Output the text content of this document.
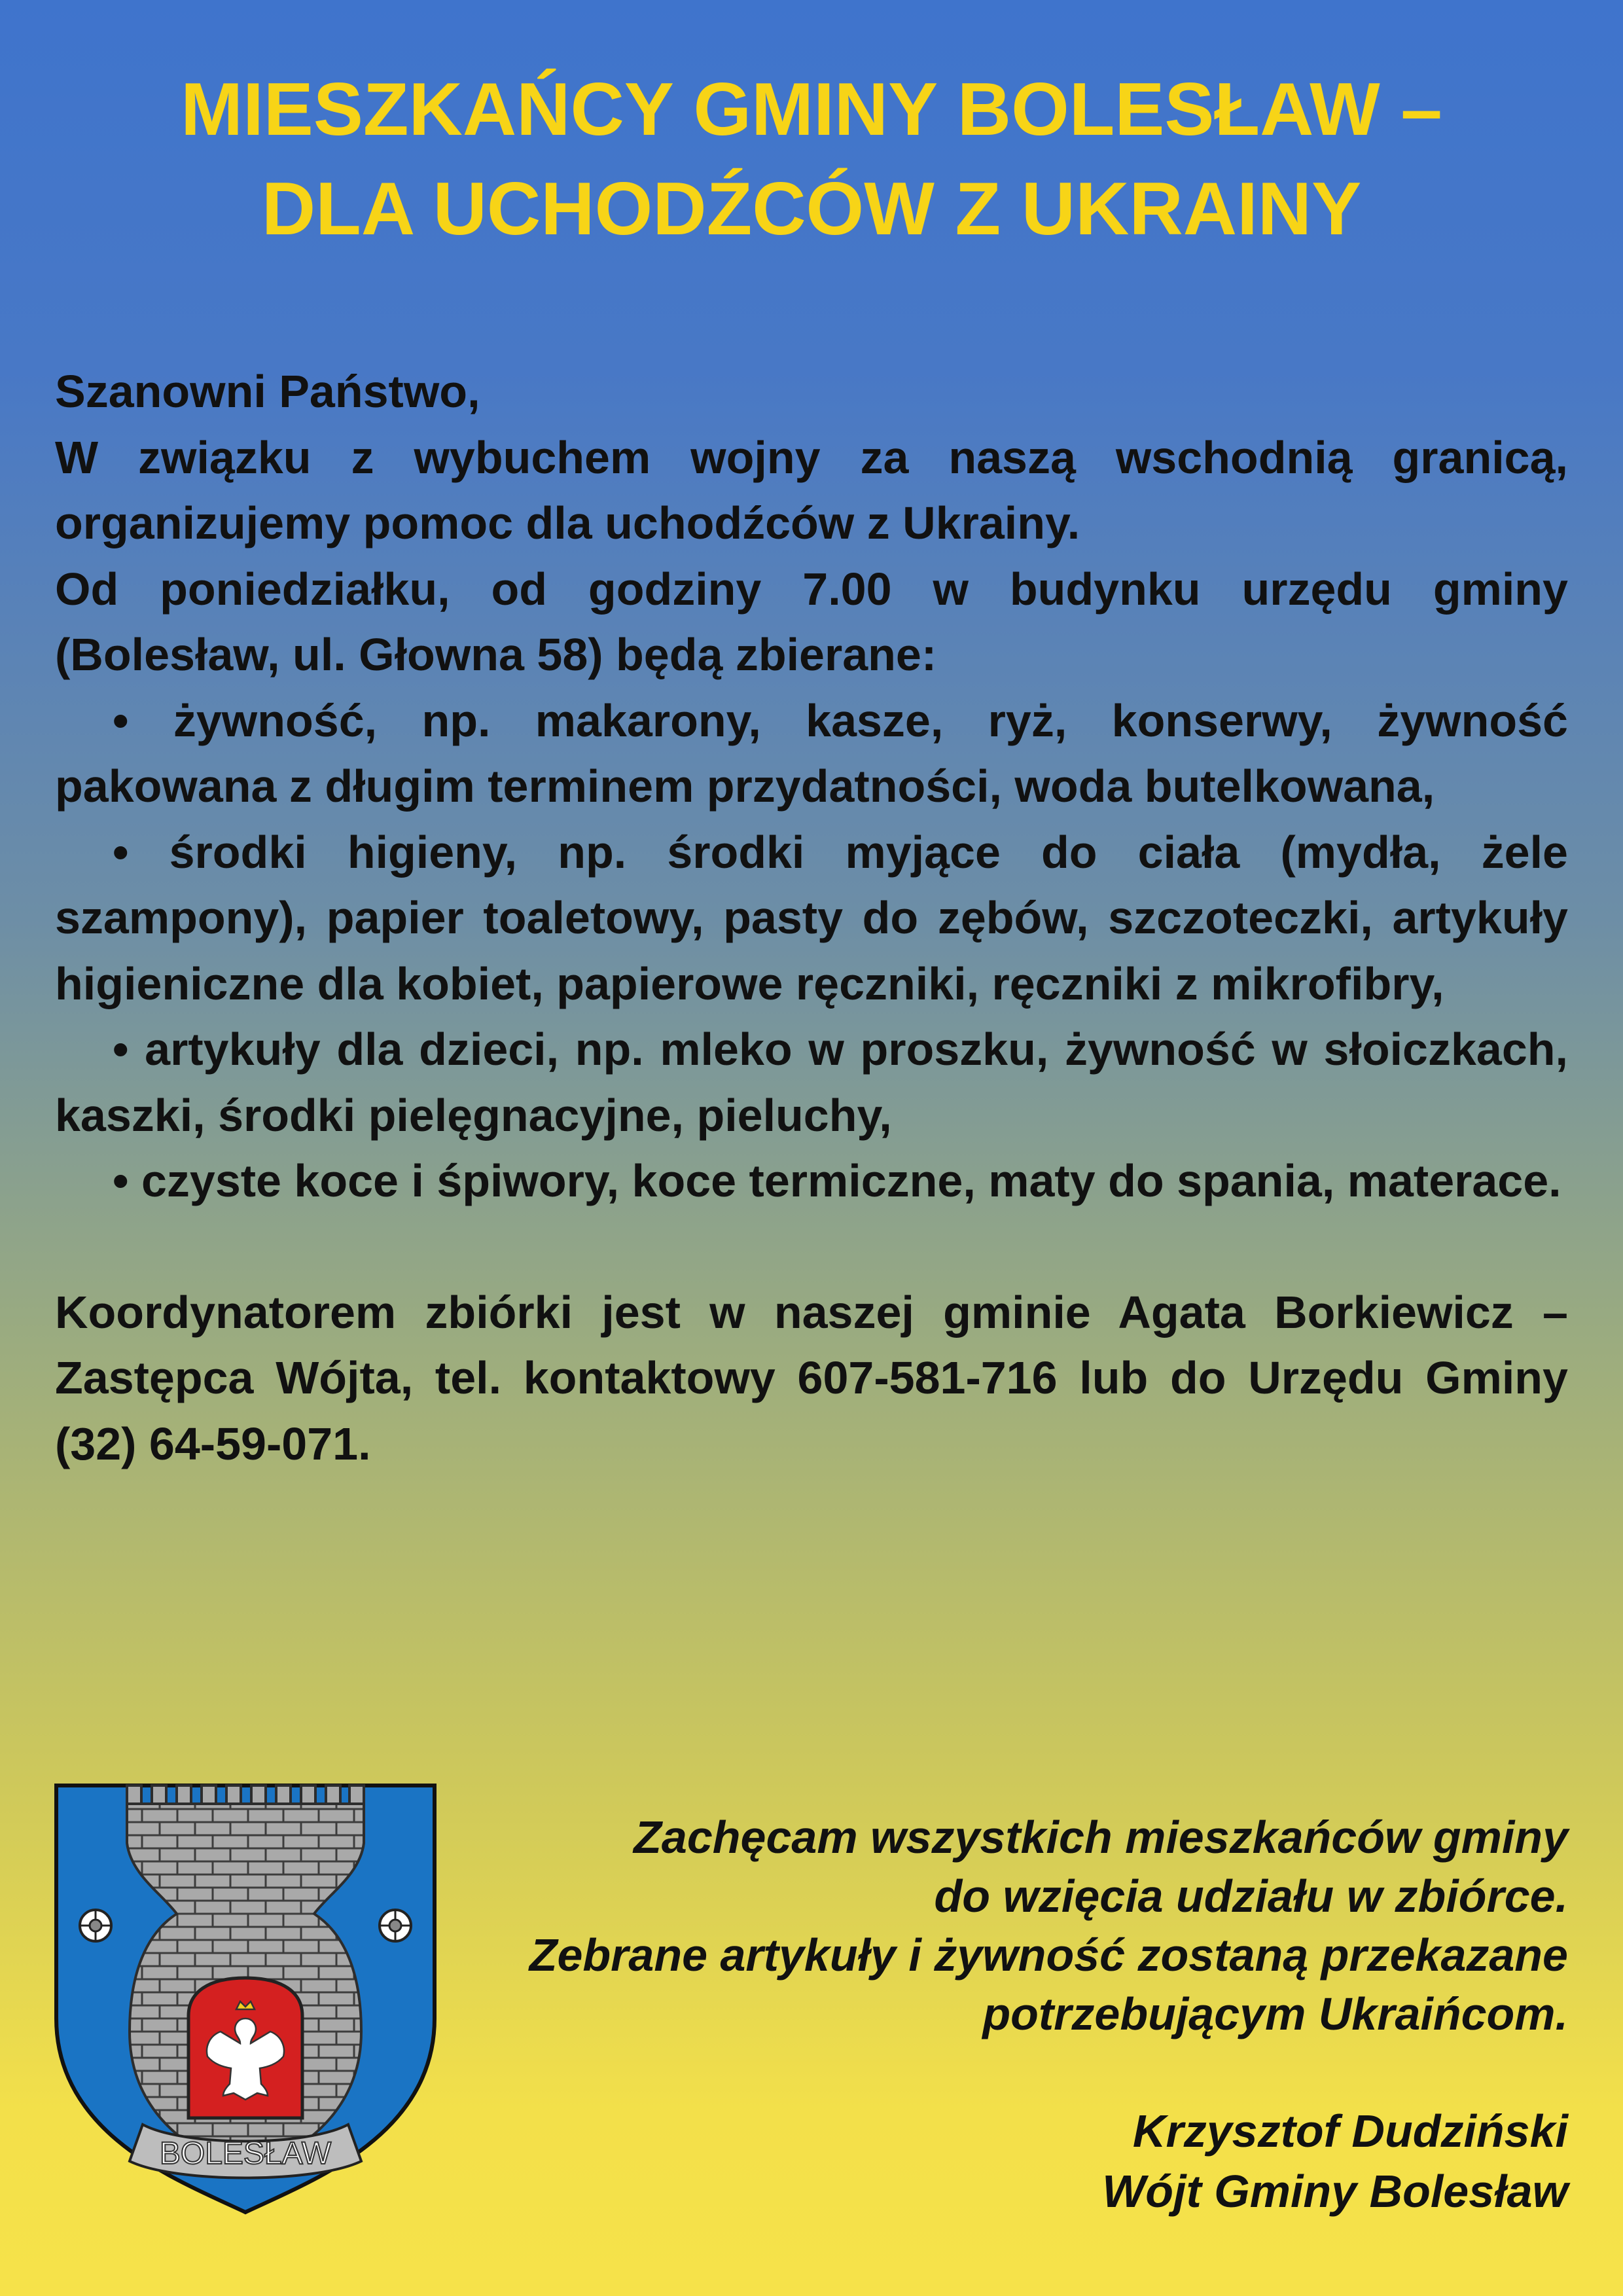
MIESZKAŃCY GMINY BOLESŁAW –
DLA UCHODŹCÓW Z UKRAINY

Szanowni Państwo,

W związku z wybuchem wojny za naszą wschodnią granicą, organizujemy pomoc dla uchodźców z Ukrainy.

Od poniedziałku, od godziny 7.00 w budynku urzędu gminy (Bolesław, ul. Głowna 58) będą zbierane:

• żywność, np. makarony, kasze, ryż, konserwy, żywność pakowana z długim terminem przydatności, woda butelkowana,

• środki higieny, np. środki myjące do ciała (mydła, żele szampony), papier toaletowy, pasty do zębów, szczoteczki, artykuły higieniczne dla kobiet, papierowe ręczniki, ręczniki z mikrofibry,

• artykuły dla dzieci, np. mleko w proszku, żywność w słoiczkach, kaszki, środki pielęgnacyjne, pieluchy,

• czyste koce i śpiwory, koce termiczne, maty do spania, materace.

Koordynatorem zbiórki jest w naszej gminie Agata Borkiewicz – Zastępca Wójta, tel. kontaktowy 607-581-716 lub do Urzędu Gminy (32) 64-59-071.

BOLESŁAW

Zachęcam wszystkich mieszkańców gminy

do wzięcia udziału w zbiórce.

Zebrane artykuły i żywność zostaną przekazane

potrzebującym Ukraińcom.

Krzysztof Dudziński

Wójt Gminy Bolesław
